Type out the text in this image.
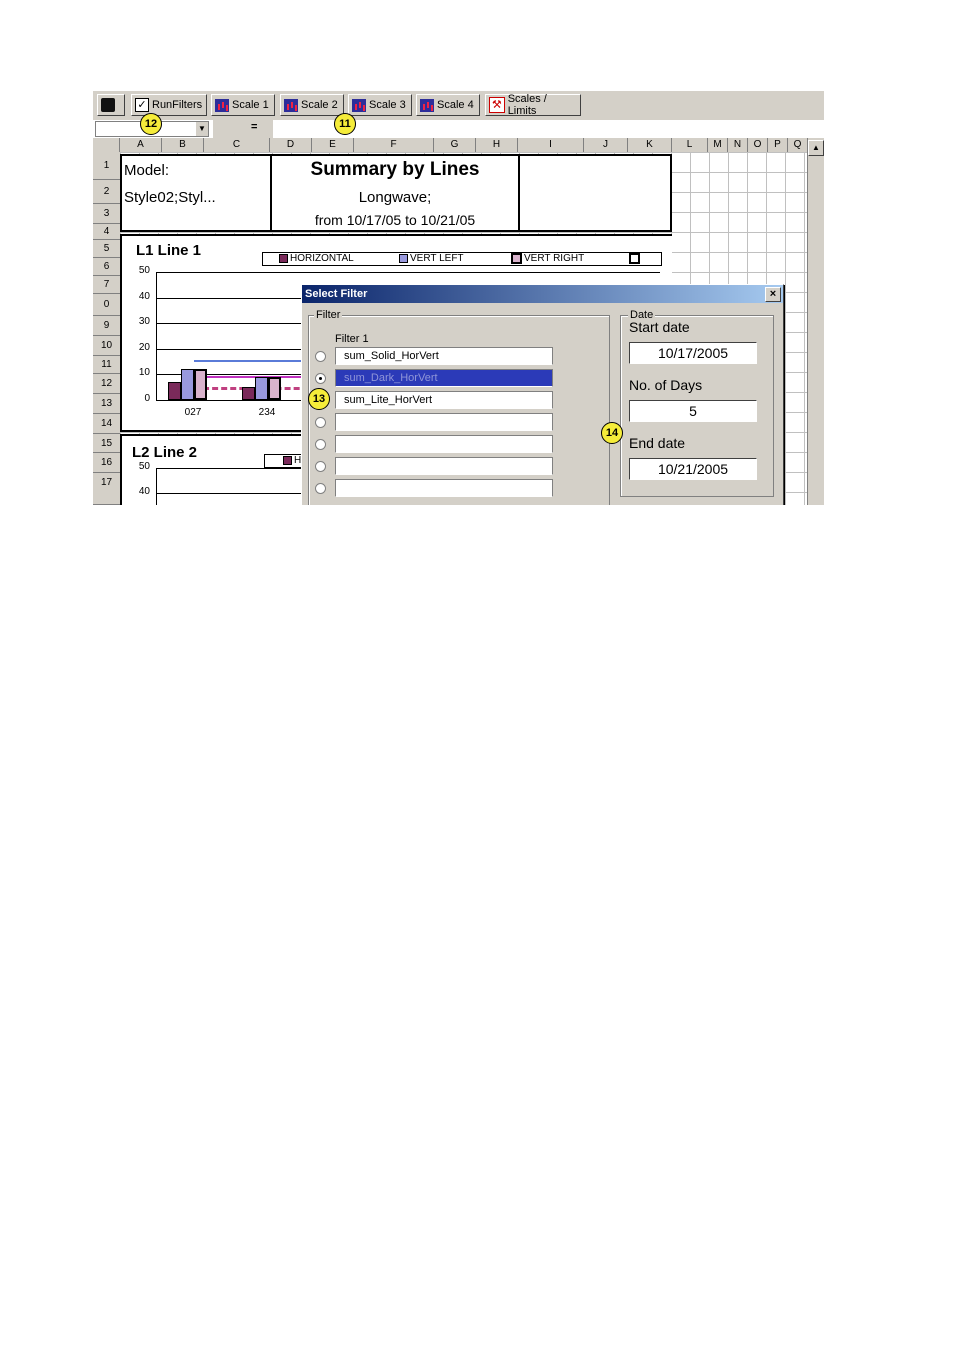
✓ RunFilters	Scale 1	Scale 2	Scale 3	Scale 4 ⚒ Scales / Limits
▼	=
A	B	C	D	E	F	G	H	I	J	K	L	M	N	O	P	Q
1
2
3
4
5
6
7
0
9
10
11
12
13
14
15
16
17
Model:
Style02;Styl...
Summary by Lines
Longwave;
from 10/17/05 to 10/21/05
L1 Line 1	HORIZONTAL	VERT LEFT	VERT RIGHT
50
40
30
20
10
0
027	234
L2 Line 2	H
50
40
▲
Select Filter	×
Filter
Filter 1
sum_Solid_HorVert
sum_Dark_HorVert
sum_Lite_HorVert
Date
Start date
10/17/2005
No. of Days
5
End date
10/21/2005
12	11
13
14
